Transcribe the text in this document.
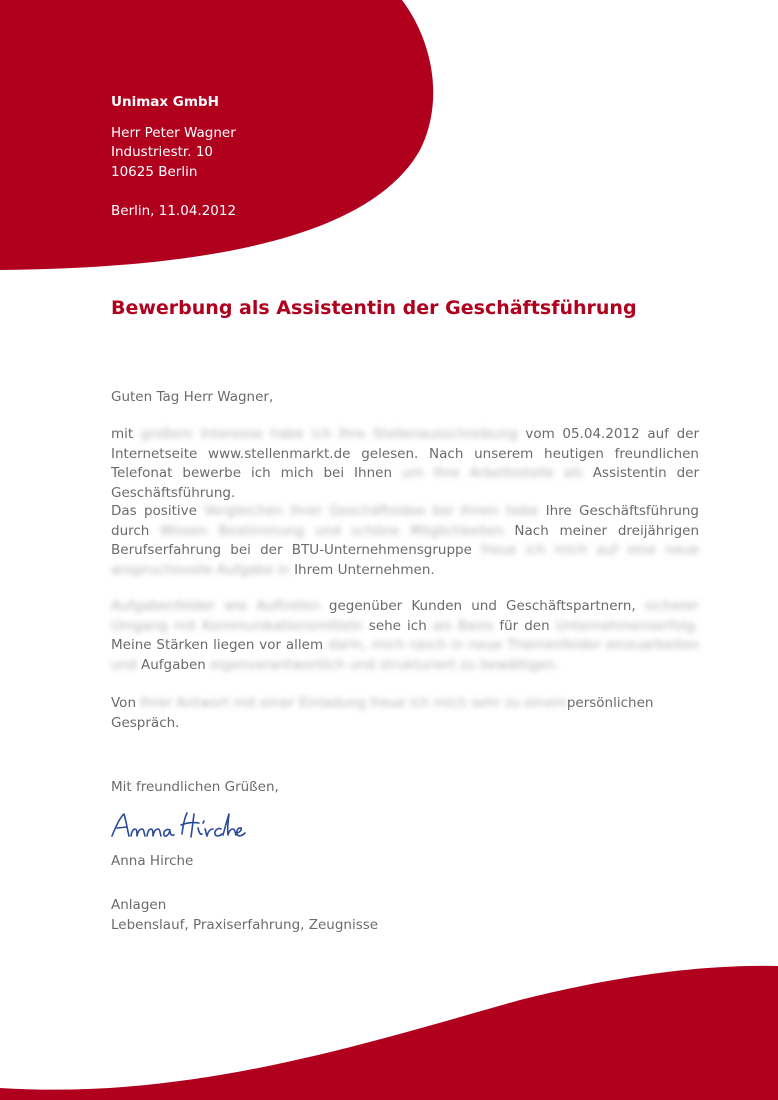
Unimax GmbH
Herr Peter Wagner
Industriestr. 10
10625 Berlin
Berlin, 11.04.2012
Bewerbung als Assistentin der Geschäftsführung
Guten Tag Herr Wagner,
mit großem Interesse habe ich Ihre Stellenausschreibung vom 05.04.2012 auf der Internetseite www.stellenmarkt.de gelesen. Nach unserem heutigen freundlichen Telefonat bewerbe ich mich bei Ihnen um Ihre Arbeitsstelle als Assistentin der Geschäftsführung.
Das positive Vergleichen Ihrer Geschäftsidee bei Ihnen liebe Ihre Geschäftsführung durch Wissen Bestimmung und schöne Möglichkeiten Nach meiner dreijährigen Berufserfahrung bei der BTU-Unternehmensgruppe freue ich mich auf eine neue anspruchsvolle Aufgabe in Ihrem Unternehmen.
Aufgabenfelder wie Auftreten gegenüber Kunden und Geschäftspartnern, sicherer Umgang mit Kommunikationsmitteln sehe ich als Basis für den Unternehmenserfolg. Meine Stärken liegen vor allem darin, mich rasch in neue Themenfelder einzuarbeiten und Aufgaben eigenverantwortlich und strukturiert zu bewältigen.
Von Ihrer Antwort mit einer Einladung freue ich mich sehr zu einempersönlichen Gespräch.
Mit freundlichen Grüßen,
Anna Hirche
Anlagen
Lebenslauf, Praxiserfahrung, Zeugnisse
